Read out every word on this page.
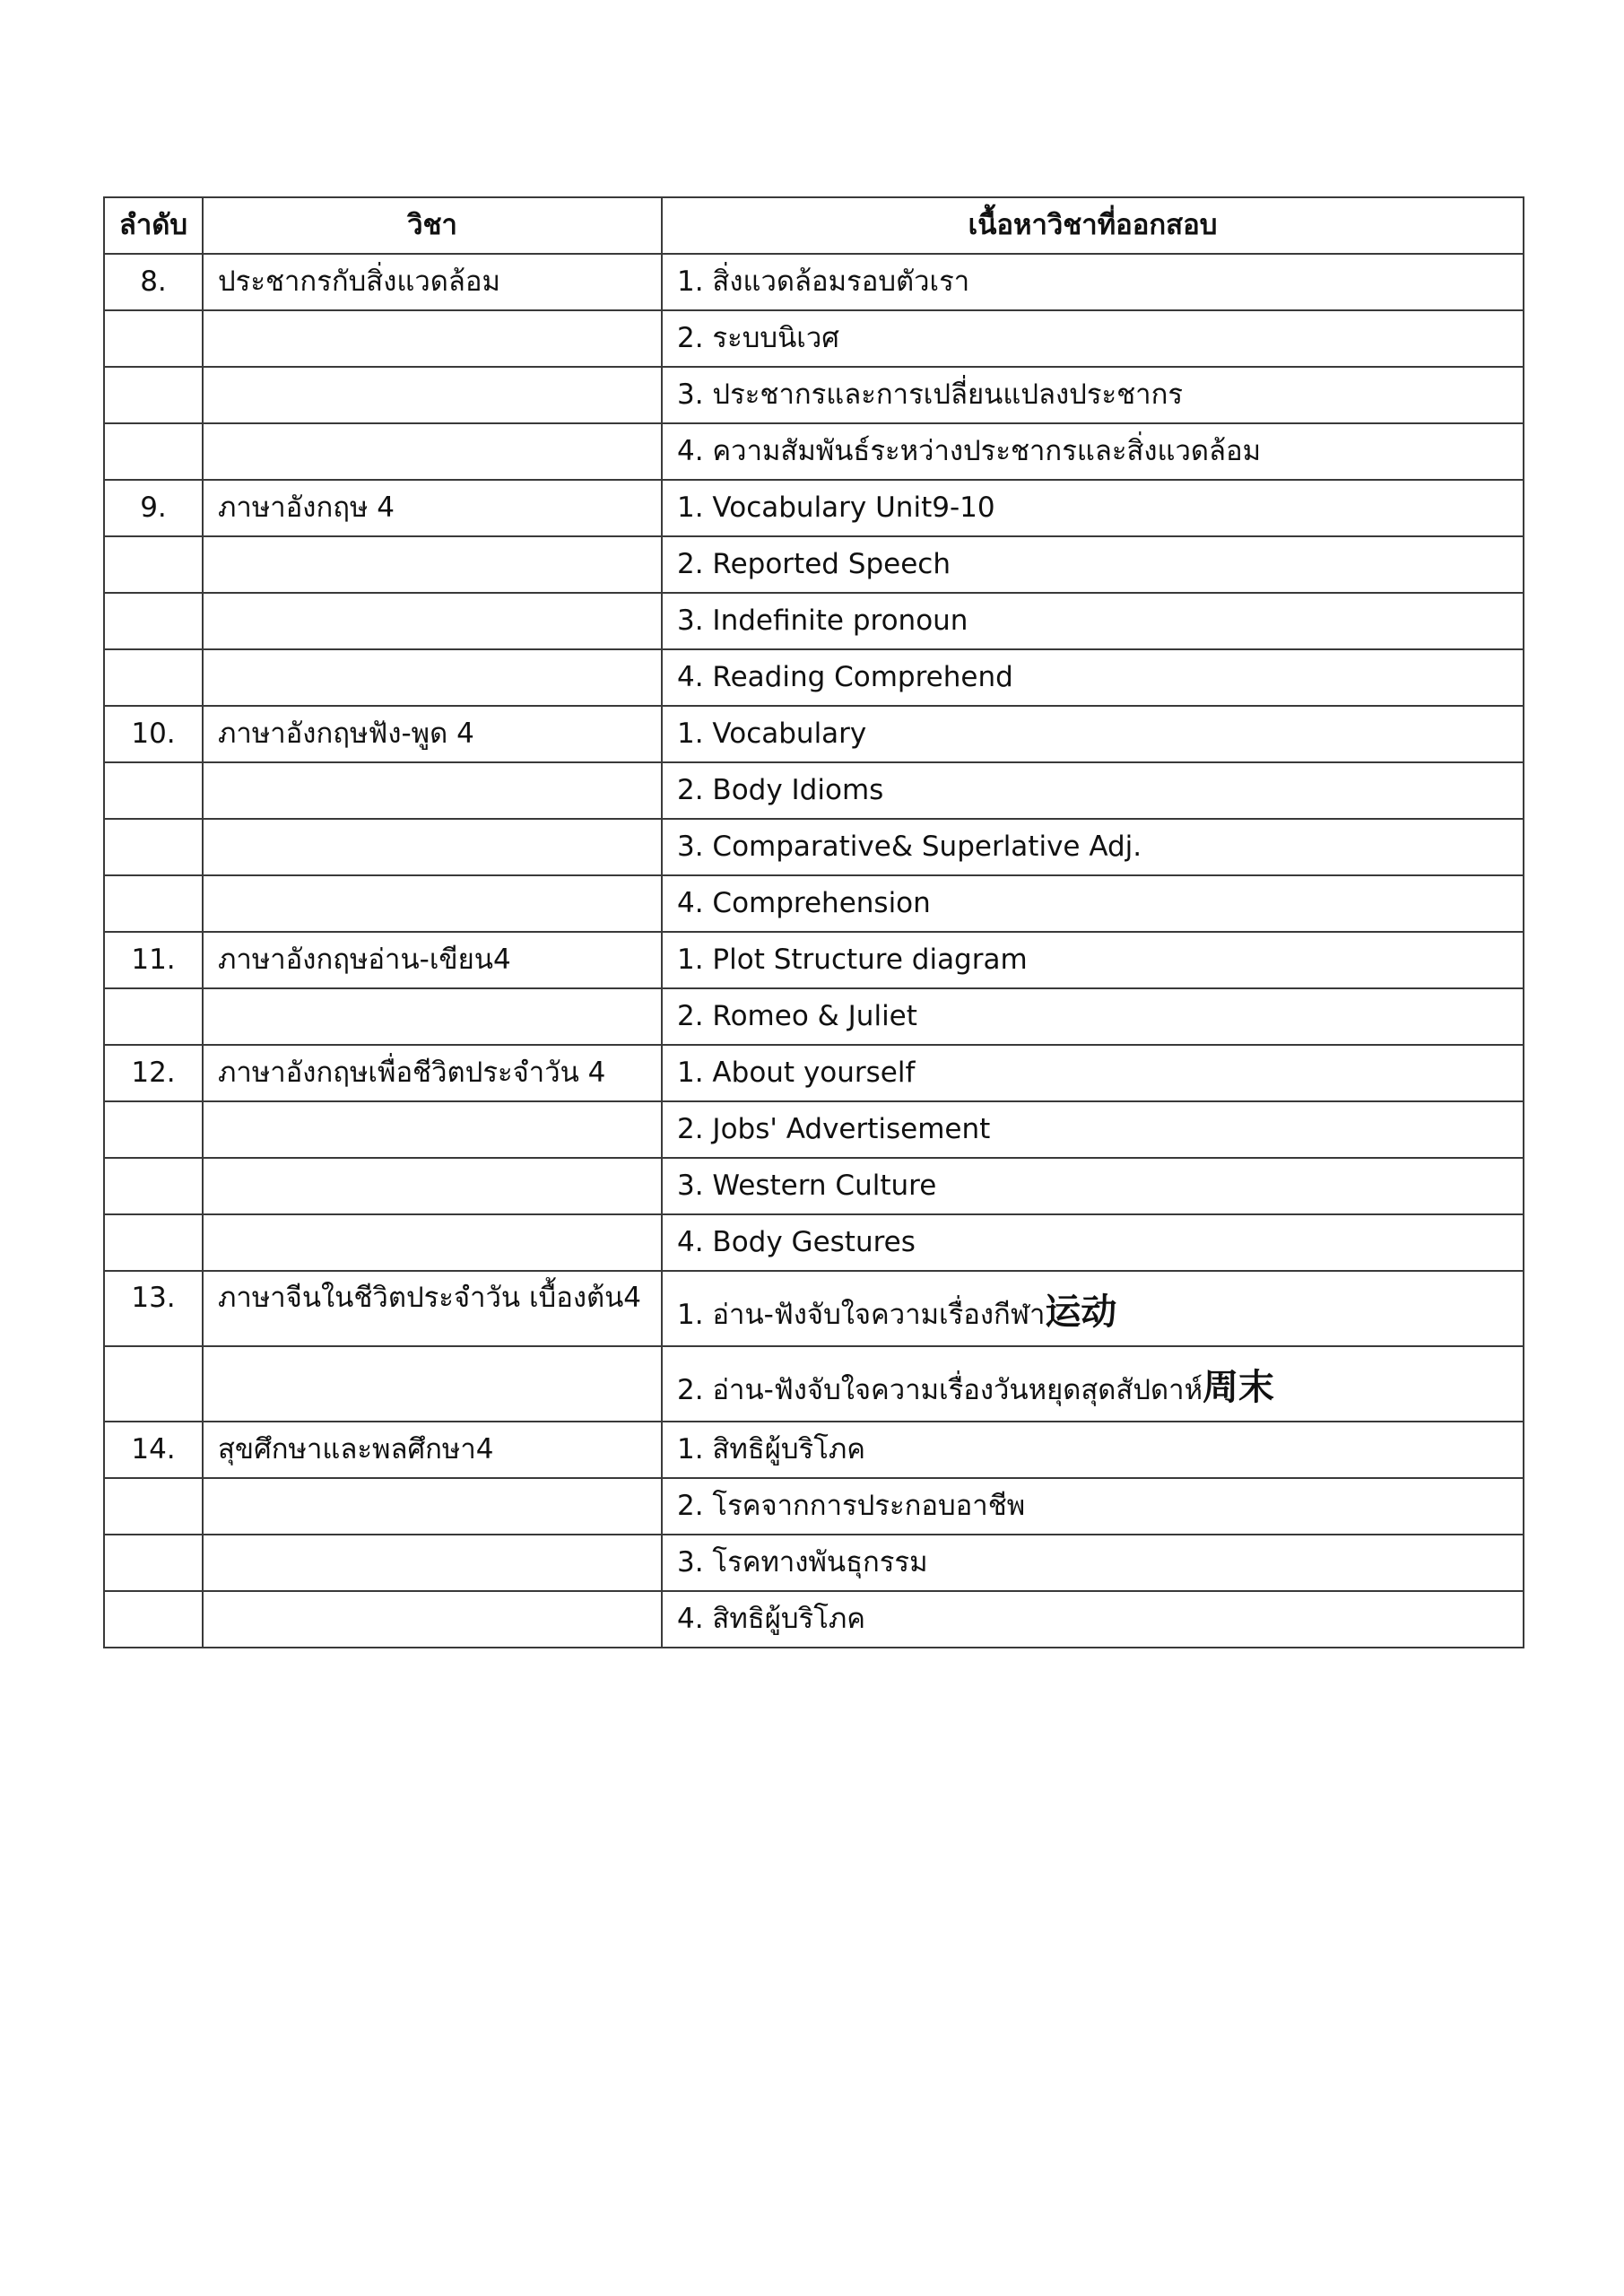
ลำดับ	วิชา	เนื้อหาวิชาที่ออกสอบ
8.	ประชากรกับสิ่งแวดล้อม	1. สิ่งแวดล้อมรอบตัวเรา
		2. ระบบนิเวศ
		3. ประชากรและการเปลี่ยนแปลงประชากร
		4. ความสัมพันธ์ระหว่างประชากรและสิ่งแวดล้อม
9.	ภาษาอังกฤษ 4	1. Vocabulary Unit9-10
		2. Reported Speech
		3. Indefinite pronoun
		4. Reading Comprehend
10.	ภาษาอังกฤษฟัง-พูด 4	1. Vocabulary
		2. Body Idioms
		3. Comparative& Superlative Adj.
		4. Comprehension
11.	ภาษาอังกฤษอ่าน-เขียน4	1. Plot Structure diagram
		2. Romeo & Juliet
12.	ภาษาอังกฤษเพื่อชีวิตประจำวัน 4	1. About yourself
		2. Jobs' Advertisement
		3. Western Culture
		4. Body Gestures
13.	ภาษาจีนในชีวิตประจำวัน เบื้องต้น4	1. อ่าน-ฟังจับใจความเรื่องกีฬา运动
		2. อ่าน-ฟังจับใจความเรื่องวันหยุดสุดสัปดาห์周末
14.	สุขศึกษาและพลศึกษา4	1. สิทธิผู้บริโภค
		2. โรคจากการประกอบอาชีพ
		3. โรคทางพันธุกรรม
		4. สิทธิผู้บริโภค
